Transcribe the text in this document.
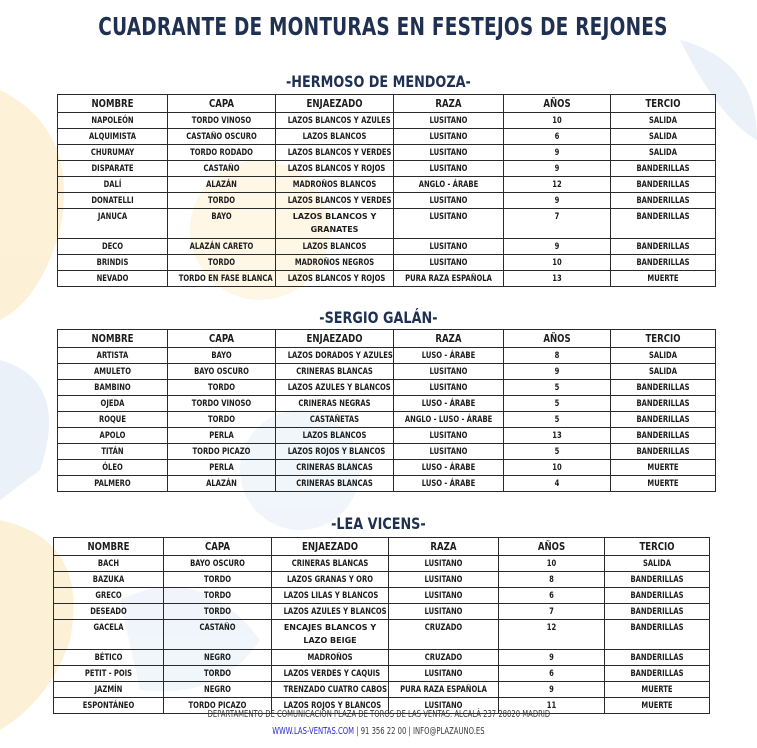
CUADRANTE DE MONTURAS EN FESTEJOS DE REJONES
-HERMOSO DE MENDOZA-
NOMBRE	CAPA	ENJAEZADO	RAZA	AÑOS	TERCIO

NAPOLEÓN	TORDO VINOSO	LAZOS BLANCOS Y AZULES	LUSITANO	10	SALIDA

ALQUIMISTA	CASTAÑO OSCURO	LAZOS BLANCOS	LUSITANO	6	SALIDA

CHURUMAY	TORDO RODADO	LAZOS BLANCOS Y VERDES	LUSITANO	9	SALIDA

DISPARATE	CASTAÑO	LAZOS BLANCOS Y ROJOS	LUSITANO	9	BANDERILLAS

DALÍ	ALAZÁN	MADROÑOS BLANCOS	ANGLO - ÁRABE	12	BANDERILLAS

DONATELLI	TORDO	LAZOS BLANCOS Y VERDES	LUSITANO	9	BANDERILLAS

JANUCA	BAYO	LAZOS BLANCOS Y GRANATES	LUSITANO	7	BANDERILLAS

DECO	ALAZÁN CARETO	LAZOS BLANCOS	LUSITANO	9	BANDERILLAS

BRINDIS	TORDO	MADROÑOS NEGROS	LUSITANO	10	BANDERILLAS

NEVADO	TORDO EN FASE BLANCA	LAZOS BLANCOS Y ROJOS	PURA RAZA ESPAÑOLA	13	MUERTE
-SERGIO GALÁN-
NOMBRE	CAPA	ENJAEZADO	RAZA	AÑOS	TERCIO

ARTISTA	BAYO	LAZOS DORADOS Y AZULES	LUSO - ÁRABE	8	SALIDA

AMULETO	BAYO OSCURO	CRINERAS BLANCAS	LUSITANO	9	SALIDA

BAMBINO	TORDO	LAZOS AZULES Y BLANCOS	LUSITANO	5	BANDERILLAS

OJEDA	TORDO VINOSO	CRINERAS NEGRAS	LUSO - ÁRABE	5	BANDERILLAS

ROQUE	TORDO	CASTAÑETAS	ANGLO - LUSO - ÁRABE	5	BANDERILLAS

APOLO	PERLA	LAZOS BLANCOS	LUSITANO	13	BANDERILLAS

TITÁN	TORDO PICAZO	LAZOS ROJOS Y BLANCOS	LUSITANO	5	BANDERILLAS

ÓLEO	PERLA	CRINERAS BLANCAS	LUSO - ÁRABE	10	MUERTE

PALMERO	ALAZÁN	CRINERAS BLANCAS	LUSO - ÁRABE	4	MUERTE
-LEA VICENS-
NOMBRE	CAPA	ENJAEZADO	RAZA	AÑOS	TERCIO

BACH	BAYO OSCURO	CRINERAS BLANCAS	LUSITANO	10	SALIDA

BAZUKA	TORDO	LAZOS GRANAS Y ORO	LUSITANO	8	BANDERILLAS

GRECO	TORDO	LAZOS LILAS Y BLANCOS	LUSITANO	6	BANDERILLAS

DESEADO	TORDO	LAZOS AZULES Y BLANCOS	LUSITANO	7	BANDERILLAS

GACELA	CASTAÑO	ENCAJES BLANCOS Y LAZO BEIGE	CRUZADO	12	BANDERILLAS

BÉTICO	NEGRO	MADROÑOS	CRUZADO	9	BANDERILLAS

PETIT - POIS	TORDO	LAZOS VERDES Y CAQUIS	LUSITANO	6	BANDERILLAS

JAZMÍN	NEGRO	TRENZADO CUATRO CABOS	PURA RAZA ESPAÑOLA	9	MUERTE

ESPONTÁNEO	TORDO PICAZO	LAZOS ROJOS Y BLANCOS	LUSITANO	11	MUERTE
DEPARTAMENTO DE COMUNICACIÓN PLAZA DE TOROS DE LAS VENTAS. ALCALÁ 237 28020 MADRID
WWW.LAS-VENTAS.COM | 91 356 22 00 | INFO@PLAZAUNO.ES
